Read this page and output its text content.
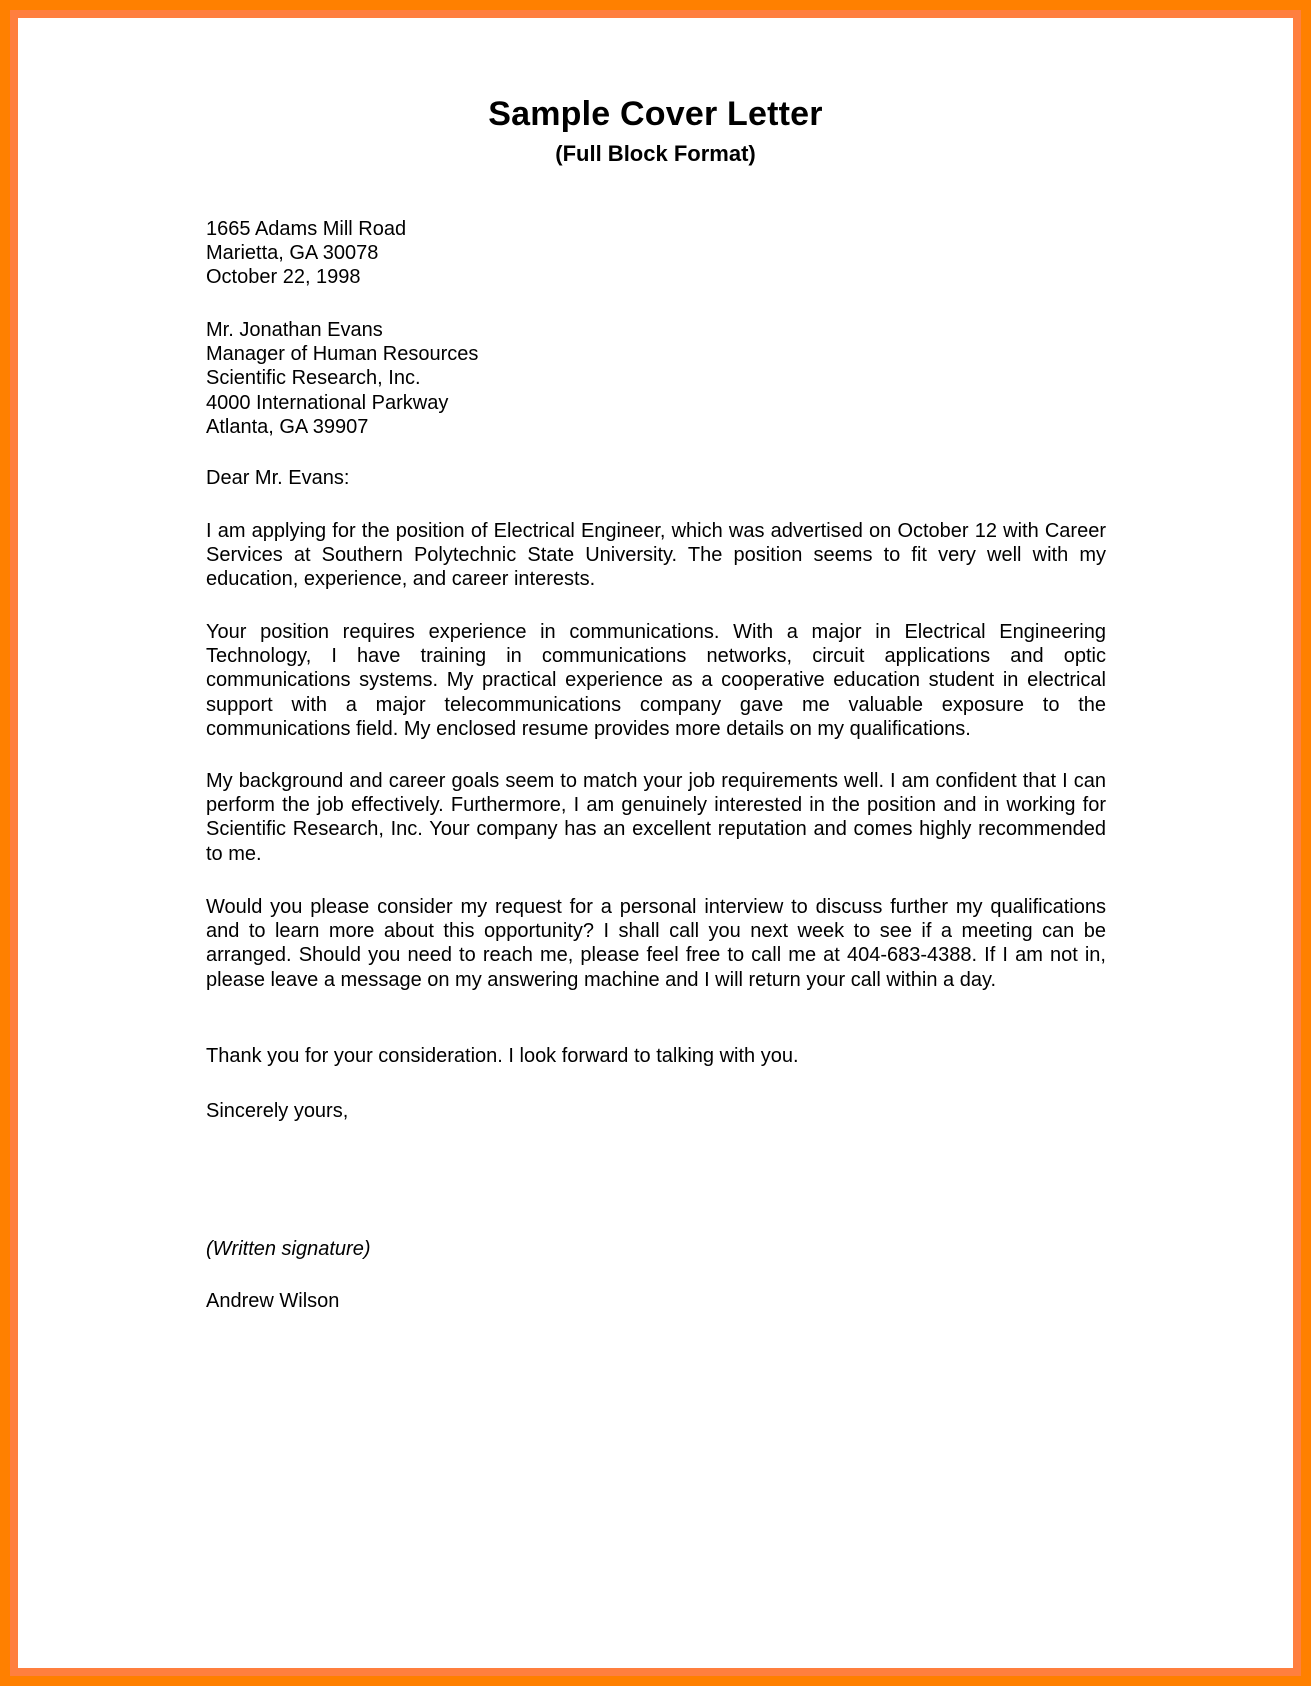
Sample Cover Letter
(Full Block Format)
1665 Adams Mill Road
Marietta, GA 30078
October 22, 1998
Mr. Jonathan Evans
Manager of Human Resources
Scientific Research, Inc.
4000 International Parkway
Atlanta, GA 39907
Dear Mr. Evans:
I am applying for the position of Electrical Engineer, which was advertised on October 12 with Career Services at Southern Polytechnic State University. The position seems to fit very well with my education, experience, and career interests.
Your position requires experience in communications. With a major in Electrical Engineering Technology, I have training in communications networks, circuit applications and optic communications systems. My practical experience as a cooperative education student in electrical support with a major telecommunications company gave me valuable exposure to the communications field. My enclosed resume provides more details on my qualifications.
My background and career goals seem to match your job requirements well. I am confident that I can perform the job effectively. Furthermore, I am genuinely interested in the position and in working for Scientific Research, Inc. Your company has an excellent reputation and comes highly recommended to me.
Would you please consider my request for a personal interview to discuss further my qualifications and to learn more about this opportunity? I shall call you next week to see if a meeting can be arranged. Should you need to reach me, please feel free to call me at 404-683-4388. If I am not in, please leave a message on my answering machine and I will return your call within a day.
Thank you for your consideration. I look forward to talking with you.
Sincerely yours,
(Written signature)
Andrew Wilson
